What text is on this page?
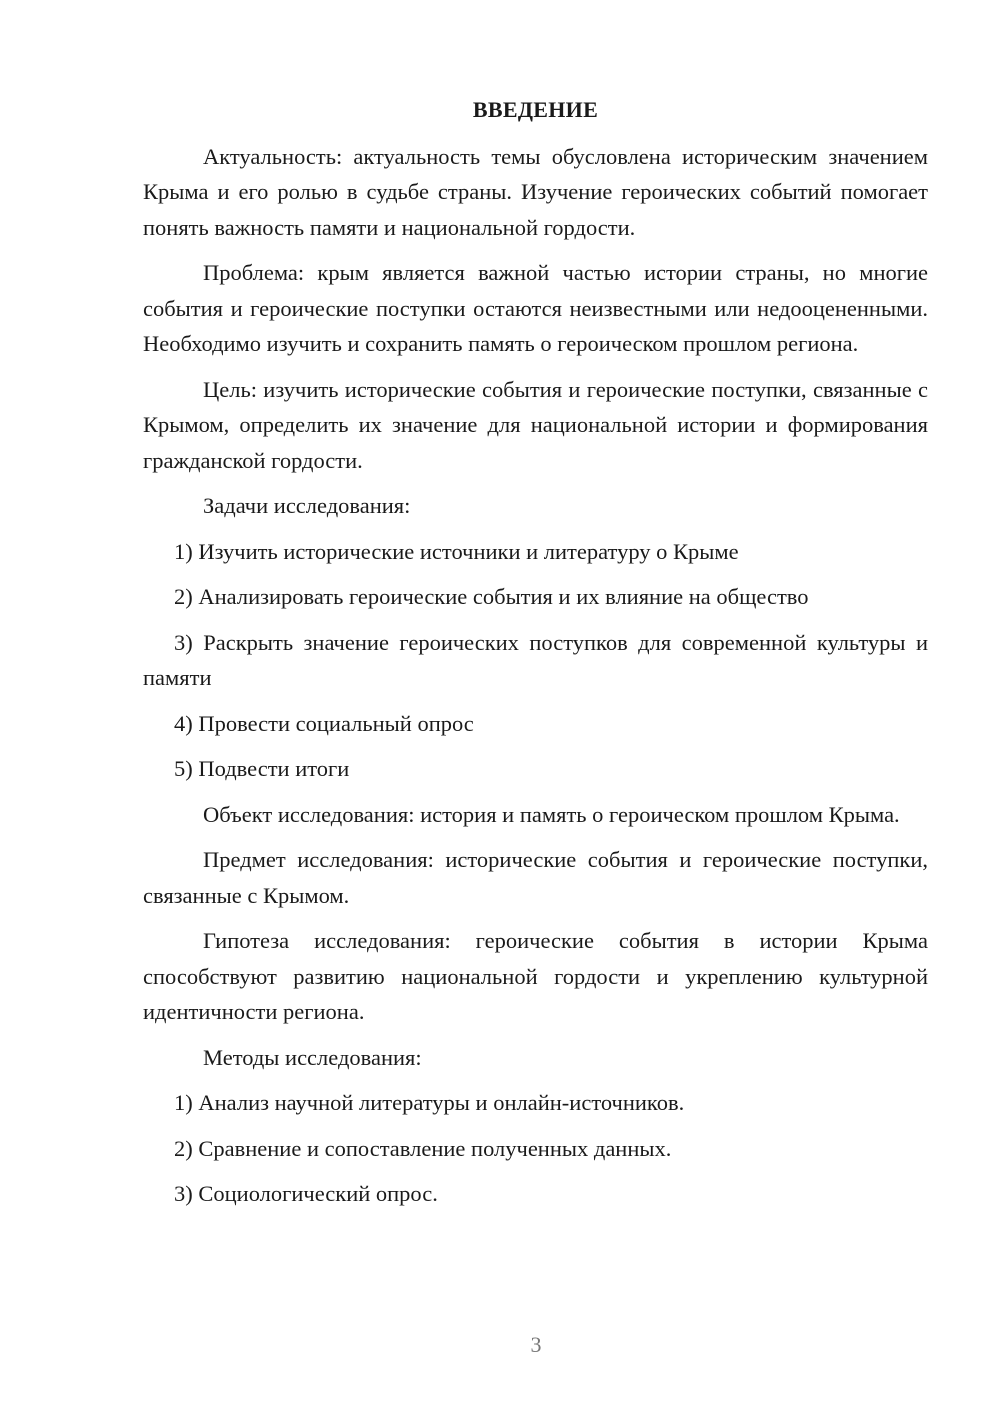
ВВЕДЕНИЕ
Актуальность: актуальность темы обусловлена историческим значением Крыма и его ролью в судьбе страны. Изучение героических событий помогает понять важность памяти и национальной гордости.
Проблема: крым является важной частью истории страны, но многие события и героические поступки остаются неизвестными или недооцененными. Необходимо изучить и сохранить память о героическом прошлом региона.
Цель: изучить исторические события и героические поступки, связанные с Крымом, определить их значение для национальной истории и формирования гражданской гордости.
Задачи исследования:
1) Изучить исторические источники и литературу о Крыме
2) Анализировать героические события и их влияние на общество
3) Раскрыть значение героических поступков для современной культуры и памяти
4) Провести социальный опрос
5) Подвести итоги
Объект исследования: история и память о героическом прошлом Крыма.
Предмет исследования: исторические события и героические поступки, связанные с Крымом.
Гипотеза исследования: героические события в истории Крыма способствуют развитию национальной гордости и укреплению культурной идентичности региона.
Методы исследования:
1) Анализ научной литературы и онлайн-источников.
2) Сравнение и сопоставление полученных данных.
3) Социологический опрос.
3
